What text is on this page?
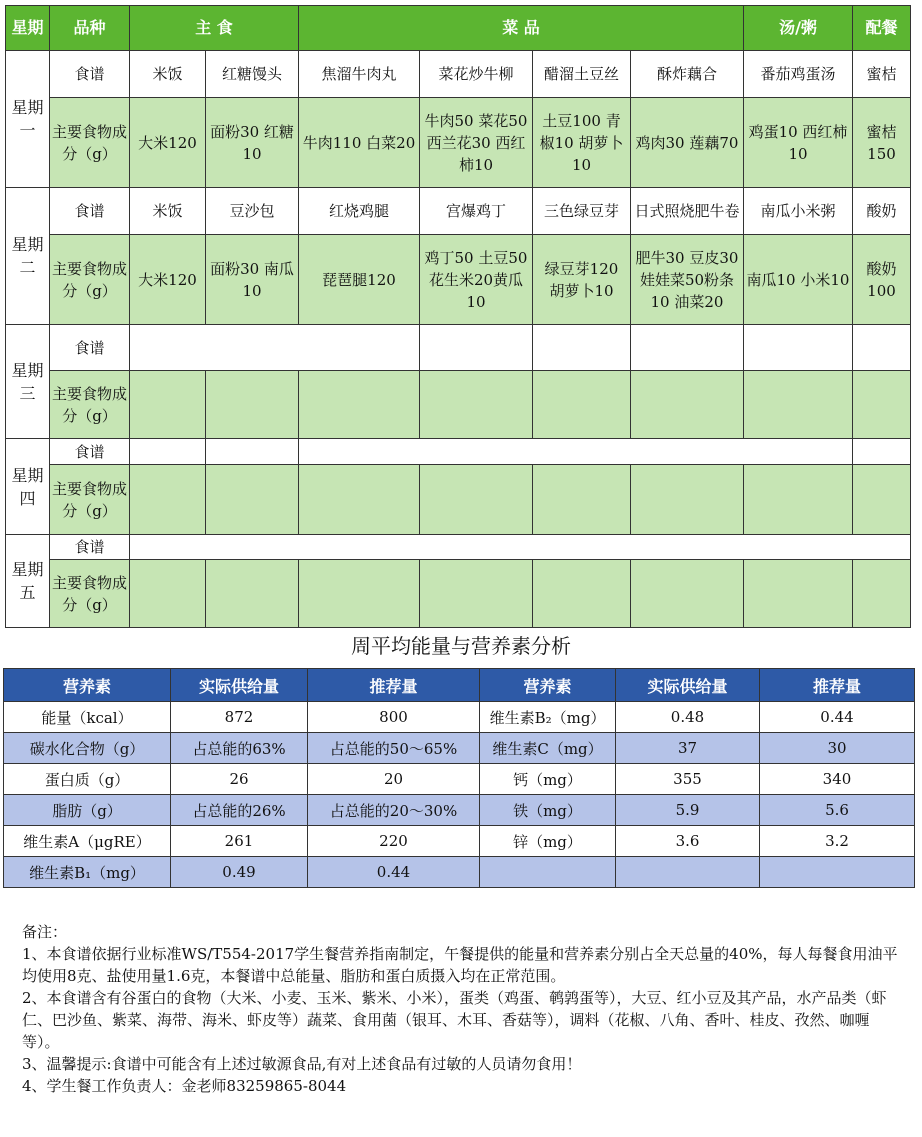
星期	品种	主 食		菜 品				汤/粥	配餐
星期一	食谱	米饭	红糖馒头	焦溜牛肉丸	菜花炒牛柳	醋溜土豆丝	酥炸藕合	番茄鸡蛋汤	蜜桔
	主要食物成分（g）	大米120	面粉30 红糖10	牛肉110 白菜20	牛肉50 菜花50 西兰花30 西红柿10	土豆100 青椒10 胡萝卜10	鸡肉30 莲藕70	鸡蛋10 西红柿10	蜜桔150
星期二	食谱	米饭	豆沙包	红烧鸡腿	宫爆鸡丁	三色绿豆芽	日式照烧肥牛卷	南瓜小米粥	酸奶
	主要食物成分（g）	大米120	面粉30 南瓜10	琵琶腿120	鸡丁50 土豆50 花生米20黄瓜10	绿豆芽120 胡萝卜10	肥牛30 豆皮30 娃娃菜50粉条10 油菜20	南瓜10 小米10	酸奶100
星期三	食谱								
	主要食物成分（g）								
星期四	食谱								
	主要食物成分（g）								
星期五	食谱								
	主要食物成分（g）								
周平均能量与营养素分析
营养素	实际供给量	推荐量	营养素	实际供给量	推荐量
能量（kcal）	872	800	维生素B₂（mg）	0.48	0.44
碳水化合物（g）	占总能的63%	占总能的50～65%	维生素C（mg）	37	30
蛋白质（g）	26	20	钙（mg）	355	340
脂肪（g）	占总能的26%	占总能的20～30%	铁（mg）	5.9	5.6
维生素A（μgRE）	261	220	锌（mg）	3.6	3.2
维生素B₁（mg）	0.49	0.44			

备注：

1、本食谱依据行业标准WS/T554-2017学生餐营养指南制定，午餐提供的能量和营养素分别占全天总量的40%，每人每餐食用油平均使用8克、盐使用量1.6克，本餐谱中总能量、脂肪和蛋白质摄入均在正常范围。

2、本食谱含有谷蛋白的食物（大米、小麦、玉米、紫米、小米），蛋类（鸡蛋、鹌鹑蛋等），大豆、红小豆及其产品，水产品类（虾仁、巴沙鱼、紫菜、海带、海米、虾皮等）蔬菜、食用菌（银耳、木耳、香菇等），调料（花椒、八角、香叶、桂皮、孜然、咖喱等）。

3、温馨提示:食谱中可能含有上述过敏源食品,有对上述食品有过敏的人员请勿食用！

4、学生餐工作负责人：金老师83259865-8044
